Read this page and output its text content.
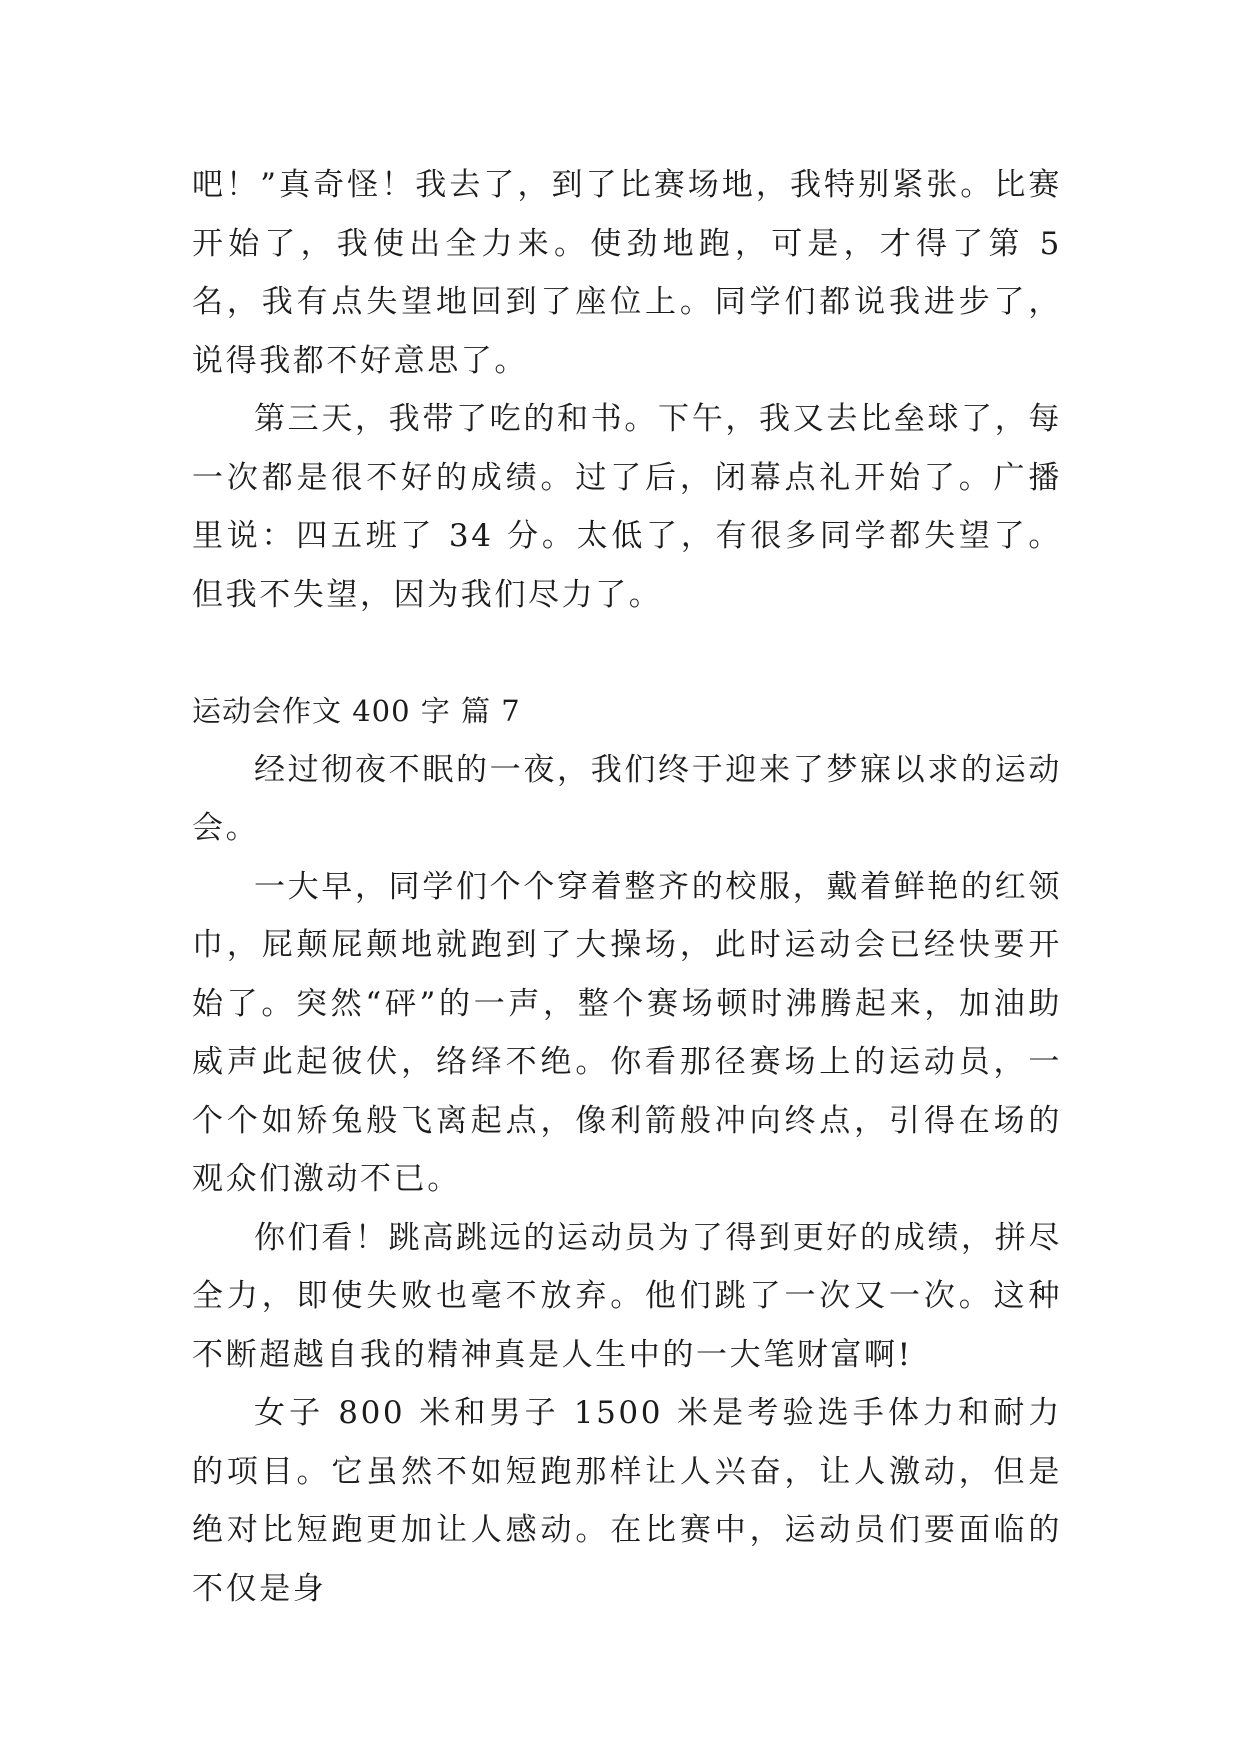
吧！”真奇怪！我去了，到了比赛场地，我特别紧张。比赛开始了，我使出全力来。使劲地跑，可是，才得了第 5 名，我有点失望地回到了座位上。同学们都说我进步了，说得我都不好意思了。

第三天，我带了吃的和书。下午，我又去比垒球了，每一次都是很不好的成绩。过了后，闭幕点礼开始了。广播里说：四五班了 34 分。太低了，有很多同学都失望了。但我不失望，因为我们尽力了。

运动会作文 400 字 篇 7

经过彻夜不眠的一夜，我们终于迎来了梦寐以求的运动会。

一大早，同学们个个穿着整齐的校服，戴着鲜艳的红领巾，屁颠屁颠地就跑到了大操场，此时运动会已经快要开始了。突然“砰”的一声，整个赛场顿时沸腾起来，加油助威声此起彼伏，络绎不绝。你看那径赛场上的运动员，一个个如矫兔般飞离起点，像利箭般冲向终点，引得在场的观众们激动不已。

你们看！跳高跳远的运动员为了得到更好的成绩，拼尽全力，即使失败也毫不放弃。他们跳了一次又一次。这种不断超越自我的精神真是人生中的一大笔财富啊!

女子 800 米和男子 1500 米是考验选手体力和耐力的项目。它虽然不如短跑那样让人兴奋，让人激动，但是绝对比短跑更加让人感动。在比赛中，运动员们要面临的不仅是身
